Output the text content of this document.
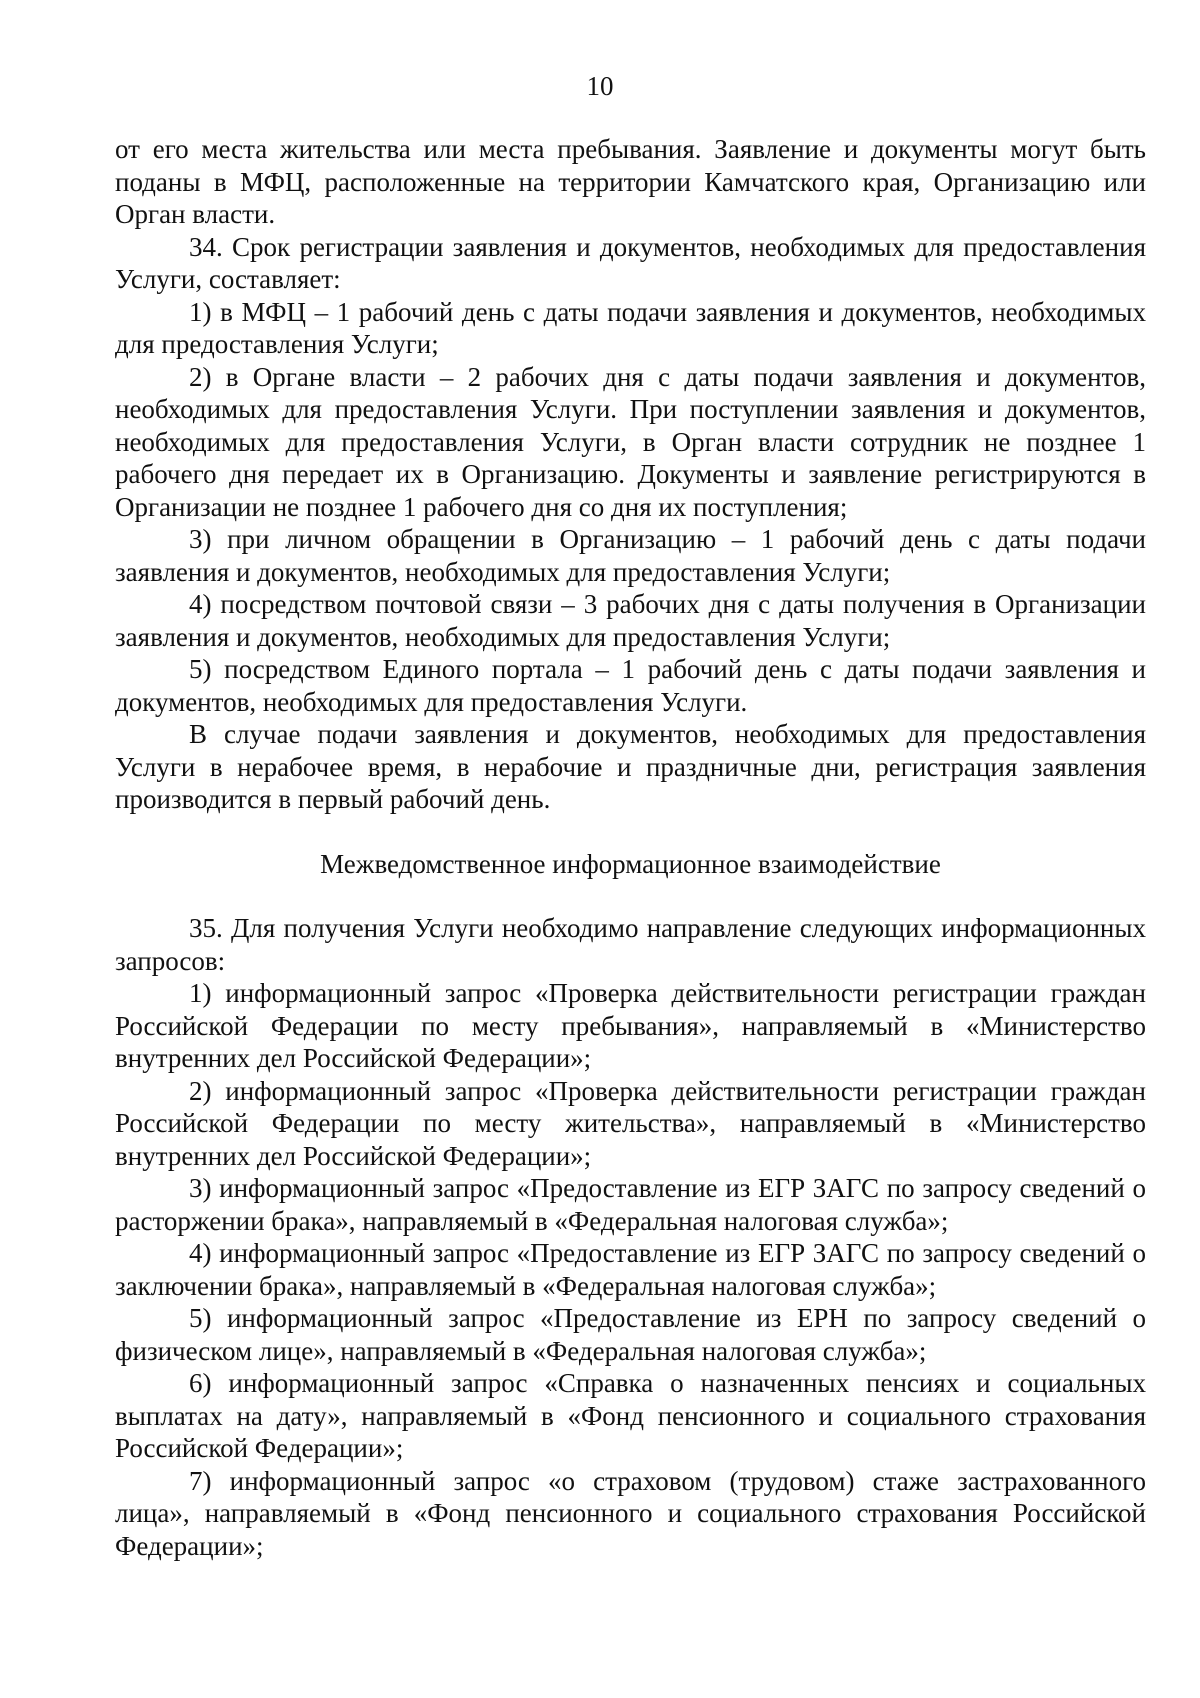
10

от его места жительства или места пребывания. Заявление и документы могут быть поданы в МФЦ, расположенные на территории Камчатского края, Организацию или Орган власти.

34. Срок регистрации заявления и документов, необходимых для предоставления Услуги, составляет:

1) в МФЦ – 1 рабочий день с даты подачи заявления и документов, необходимых для предоставления Услуги;

2) в Органе власти – 2 рабочих дня с даты подачи заявления и документов, необходимых для предоставления Услуги. При поступлении заявления и документов, необходимых для предоставления Услуги, в Орган власти сотрудник не позднее 1 рабочего дня передает их в Организацию. Документы и заявление регистрируются в Организации не позднее 1 рабочего дня со дня их поступления;

3) при личном обращении в Организацию – 1 рабочий день с даты подачи заявления и документов, необходимых для предоставления Услуги;

4) посредством почтовой связи – 3 рабочих дня с даты получения в Организации заявления и документов, необходимых для предоставления Услуги;

5) посредством Единого портала – 1 рабочий день с даты подачи заявления и документов, необходимых для предоставления Услуги.

В случае подачи заявления и документов, необходимых для предоставления Услуги в нерабочее время, в нерабочие и праздничные дни, регистрация заявления производится в первый рабочий день.

Межведомственное информационное взаимодействие

35. Для получения Услуги необходимо направление следующих информационных запросов:

1) информационный запрос «Проверка действительности регистрации граждан Российской Федерации по месту пребывания», направляемый в «Министерство внутренних дел Российской Федерации»;

2) информационный запрос «Проверка действительности регистрации граждан Российской Федерации по месту жительства», направляемый в «Министерство внутренних дел Российской Федерации»;

3) информационный запрос «Предоставление из ЕГР ЗАГС по запросу сведений о расторжении брака», направляемый в «Федеральная налоговая служба»;

4) информационный запрос «Предоставление из ЕГР ЗАГС по запросу сведений о заключении брака», направляемый в «Федеральная налоговая служба»;

5) информационный запрос «Предоставление из ЕРН по запросу сведений о физическом лице», направляемый в «Федеральная налоговая служба»;

6) информационный запрос «Справка о назначенных пенсиях и социальных выплатах на дату», направляемый в «Фонд пенсионного и социального страхования Российской Федерации»;

7) информационный запрос «о страховом (трудовом) стаже застрахованного лица», направляемый в «Фонд пенсионного и социального страхования Российской Федерации»;
